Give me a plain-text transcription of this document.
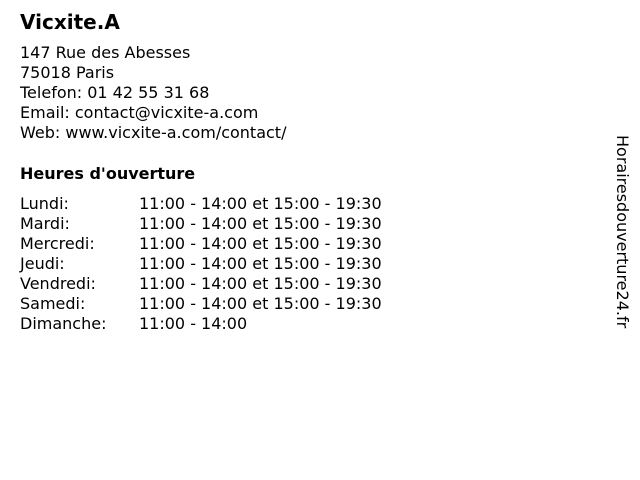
Vicxite.A
147 Rue des Abesses
75018 Paris
Telefon: 01 42 55 31 68
Email: contact@vicxite-a.com
Web: www.vicxite-a.com/contact/
Heures d'ouverture
Lundi:	11:00 - 14:00 et 15:00 - 19:30
Mardi:	11:00 - 14:00 et 15:00 - 19:30
Mercredi:	11:00 - 14:00 et 15:00 - 19:30
Jeudi:	11:00 - 14:00 et 15:00 - 19:30
Vendredi:	11:00 - 14:00 et 15:00 - 19:30
Samedi:	11:00 - 14:00 et 15:00 - 19:30
Dimanche: 11:00 - 14:00	Horairesdouverture24.fr
